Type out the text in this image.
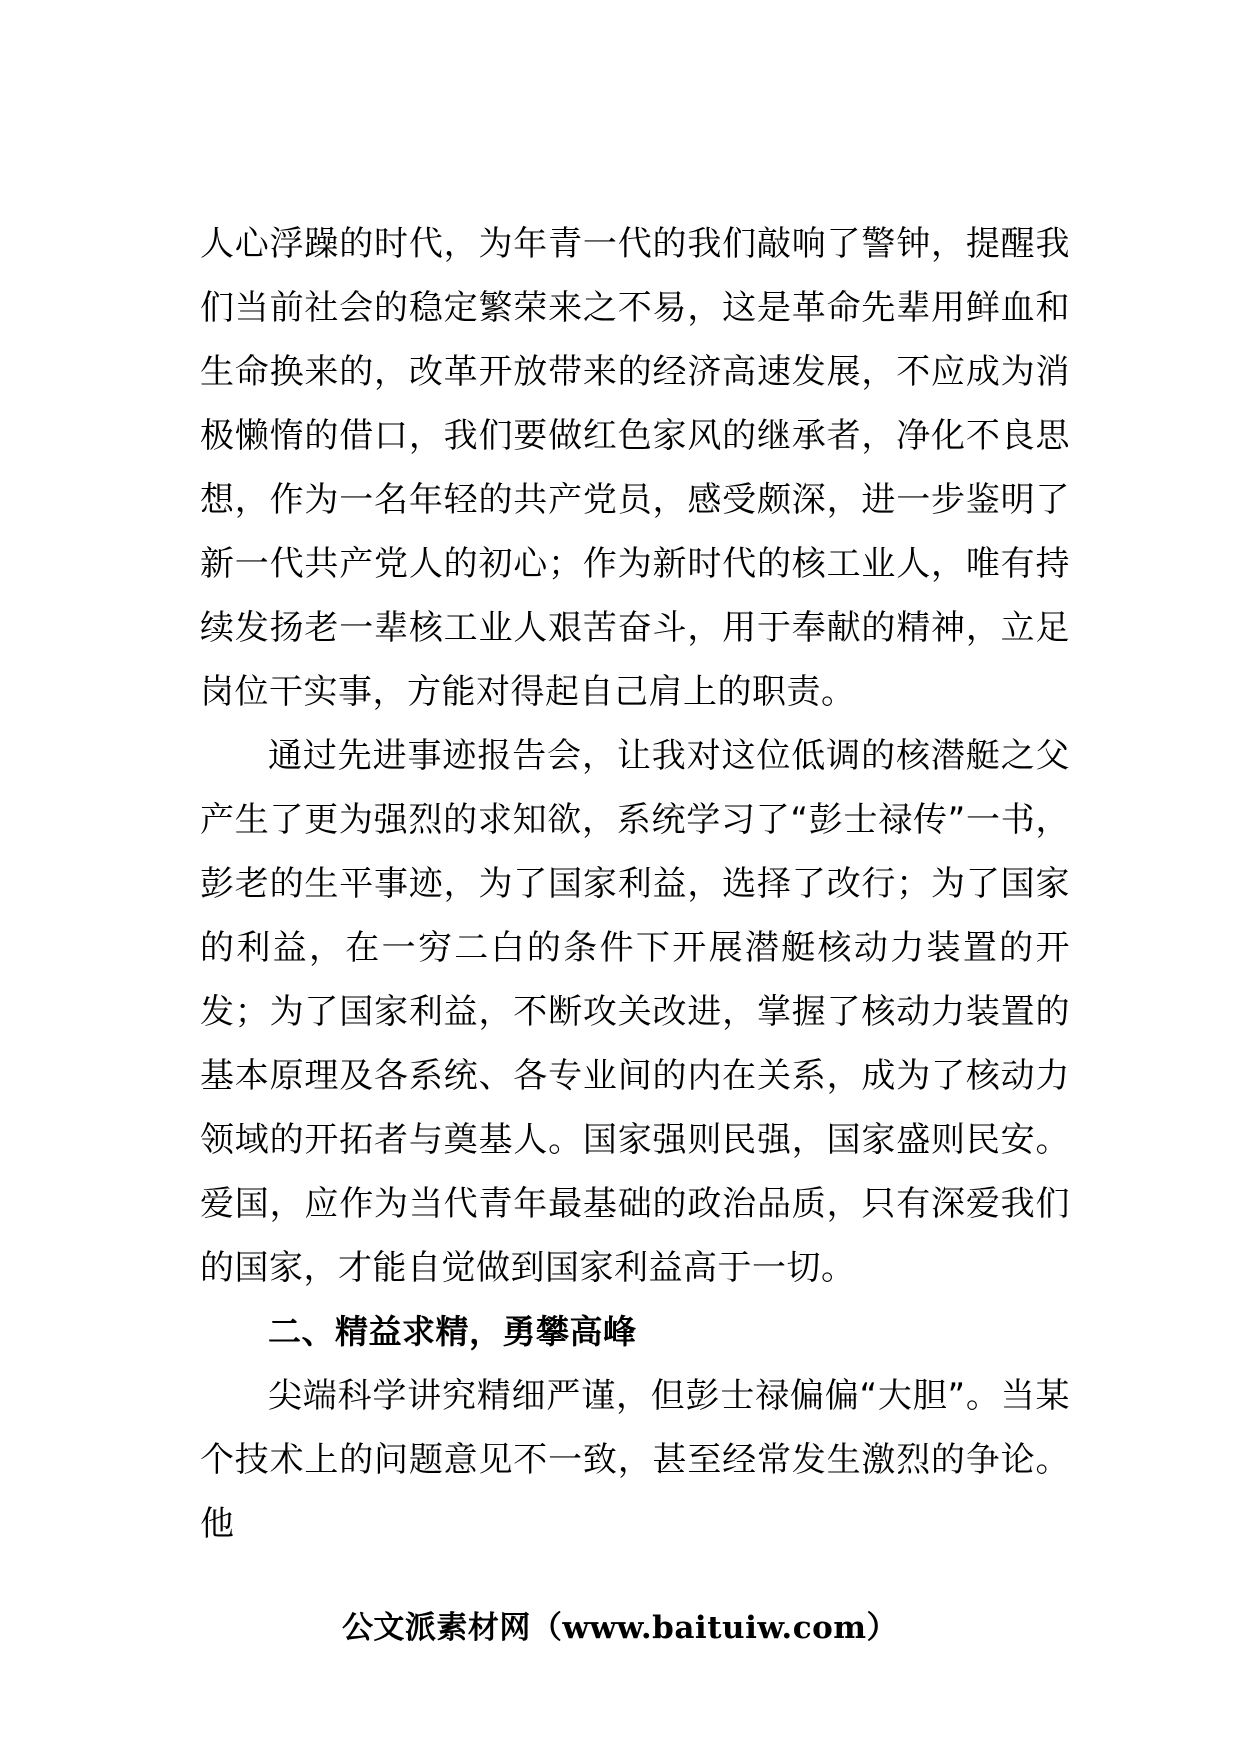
人心浮躁的时代，为年青一代的我们敲响了警钟，提醒我们当前社会的稳定繁荣来之不易，这是革命先辈用鲜血和生命换来的，改革开放带来的经济高速发展，不应成为消极懒惰的借口，我们要做红色家风的继承者，净化不良思想，作为一名年轻的共产党员，感受颇深，进一步鉴明了新一代共产党人的初心；作为新时代的核工业人，唯有持续发扬老一辈核工业人艰苦奋斗，用于奉献的精神，立足岗位干实事，方能对得起自己肩上的职责。

通过先进事迹报告会，让我对这位低调的核潜艇之父产生了更为强烈的求知欲，系统学习了“彭士禄传”一书，彭老的生平事迹，为了国家利益，选择了改行；为了国家的利益，在一穷二白的条件下开展潜艇核动力装置的开发；为了国家利益，不断攻关改进，掌握了核动力装置的基本原理及各系统、各专业间的内在关系，成为了核动力领域的开拓者与奠基人。国家强则民强，国家盛则民安。爱国，应作为当代青年最基础的政治品质，只有深爱我们的国家，才能自觉做到国家利益高于一切。

二、精益求精，勇攀高峰

尖端科学讲究精细严谨，但彭士禄偏偏“大胆”。当某个技术上的问题意见不一致，甚至经常发生激烈的争论。他

公文派素材网（www.baituiw.com）
